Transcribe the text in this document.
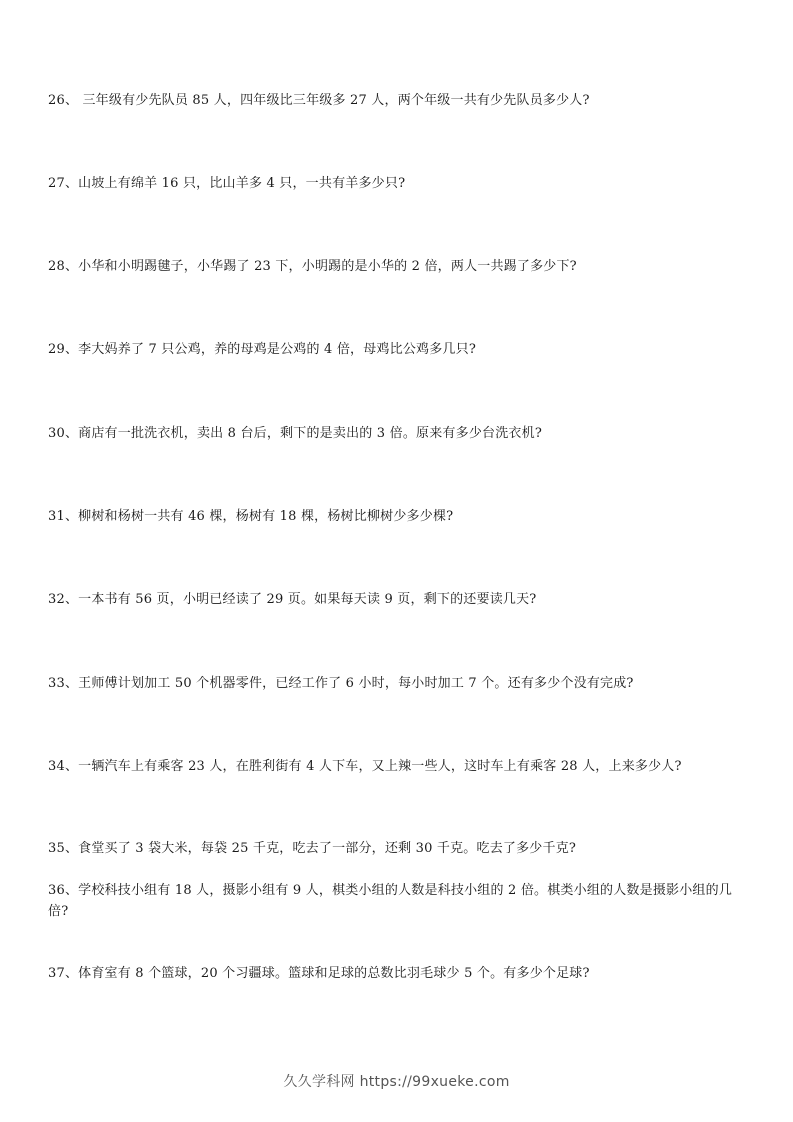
26、 三年级有少先队员 85 人，四年级比三年级多 27 人，两个年级一共有少先队员多少人?
27、山坡上有绵羊 16 只，比山羊多 4 只，一共有羊多少只?
28、小华和小明踢毽子，小华踢了 23 下，小明踢的是小华的 2 倍，两人一共踢了多少下?
29、李大妈养了 7 只公鸡，养的母鸡是公鸡的 4 倍，母鸡比公鸡多几只?
30、商店有一批洗衣机，卖出 8 台后，剩下的是卖出的 3 倍。原来有多少台洗衣机?
31、柳树和杨树一共有 46 棵，杨树有 18 棵，杨树比柳树少多少棵?
32、一本书有 56 页，小明已经读了 29 页。如果每天读 9 页，剩下的还要读几天?
33、王师傅计划加工 50 个机器零件，已经工作了 6 小时，每小时加工 7 个。还有多少个没有完成?
34、一辆汽车上有乘客 23 人，在胜利街有 4 人下车，又上辣一些人，这时车上有乘客 28 人，上来多少人?
35、食堂买了 3 袋大米，每袋 25 千克，吃去了一部分，还剩 30 千克。吃去了多少千克?
36、学校科技小组有 18 人，摄影小组有 9 人，棋类小组的人数是科技小组的 2 倍。棋类小组的人数是摄影小组的几倍?
37、体育室有 8 个篮球，20 个习疆球。篮球和足球的总数比羽毛球少 5 个。有多少个足球?
久久学科网 https://99xueke.com
